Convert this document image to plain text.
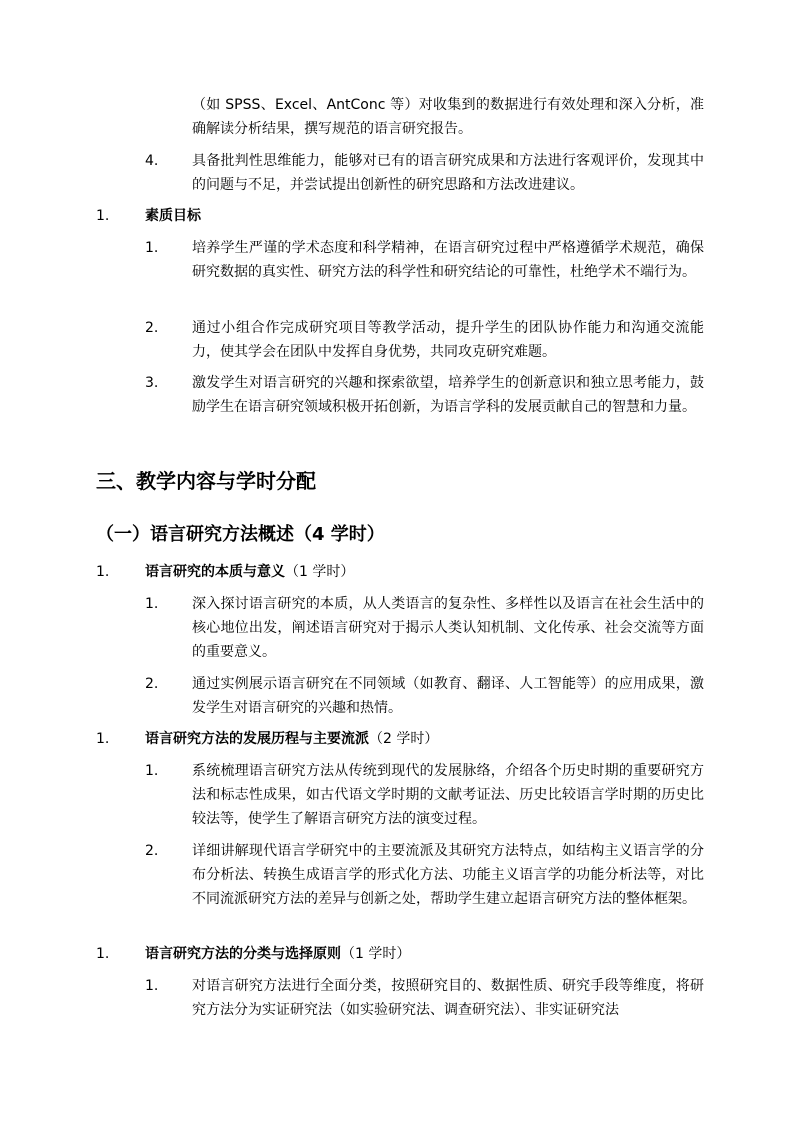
（如 SPSS、Excel、AntConc 等）对收集到的数据进行有效处理和深入分析，准确解读分析结果，撰写规范的语言研究报告。
4. 具备批判性思维能力，能够对已有的语言研究成果和方法进行客观评价，发现其中的问题与不足，并尝试提出创新性的研究思路和方法改进建议。
1.	素质目标
1. 培养学生严谨的学术态度和科学精神，在语言研究过程中严格遵循学术规范，确保研究数据的真实性、研究方法的科学性和研究结论的可靠性，杜绝学术不端行为。
2. 通过小组合作完成研究项目等教学活动，提升学生的团队协作能力和沟通交流能力，使其学会在团队中发挥自身优势，共同攻克研究难题。
3. 激发学生对语言研究的兴趣和探索欲望，培养学生的创新意识和独立思考能力，鼓励学生在语言研究领域积极开拓创新，为语言学科的发展贡献自己的智慧和力量。
三、教学内容与学时分配
（一）语言研究方法概述（4 学时）
1.	语言研究的本质与意义（1 学时）
1. 深入探讨语言研究的本质，从人类语言的复杂性、多样性以及语言在社会生活中的核心地位出发，阐述语言研究对于揭示人类认知机制、文化传承、社会交流等方面的重要意义。
2. 通过实例展示语言研究在不同领域（如教育、翻译、人工智能等）的应用成果，激发学生对语言研究的兴趣和热情。
1.	语言研究方法的发展历程与主要流派（2 学时）
1. 系统梳理语言研究方法从传统到现代的发展脉络，介绍各个历史时期的重要研究方法和标志性成果，如古代语文学时期的文献考证法、历史比较语言学时期的历史比较法等，使学生了解语言研究方法的演变过程。
2. 详细讲解现代语言学研究中的主要流派及其研究方法特点，如结构主义语言学的分布分析法、转换生成语言学的形式化方法、功能主义语言学的功能分析法等，对比不同流派研究方法的差异与创新之处，帮助学生建立起语言研究方法的整体框架。
1.	语言研究方法的分类与选择原则（1 学时）
1. 对语言研究方法进行全面分类，按照研究目的、数据性质、研究手段等维度，将研究方法分为实证研究法（如实验研究法、调查研究法）、非实证研究法
